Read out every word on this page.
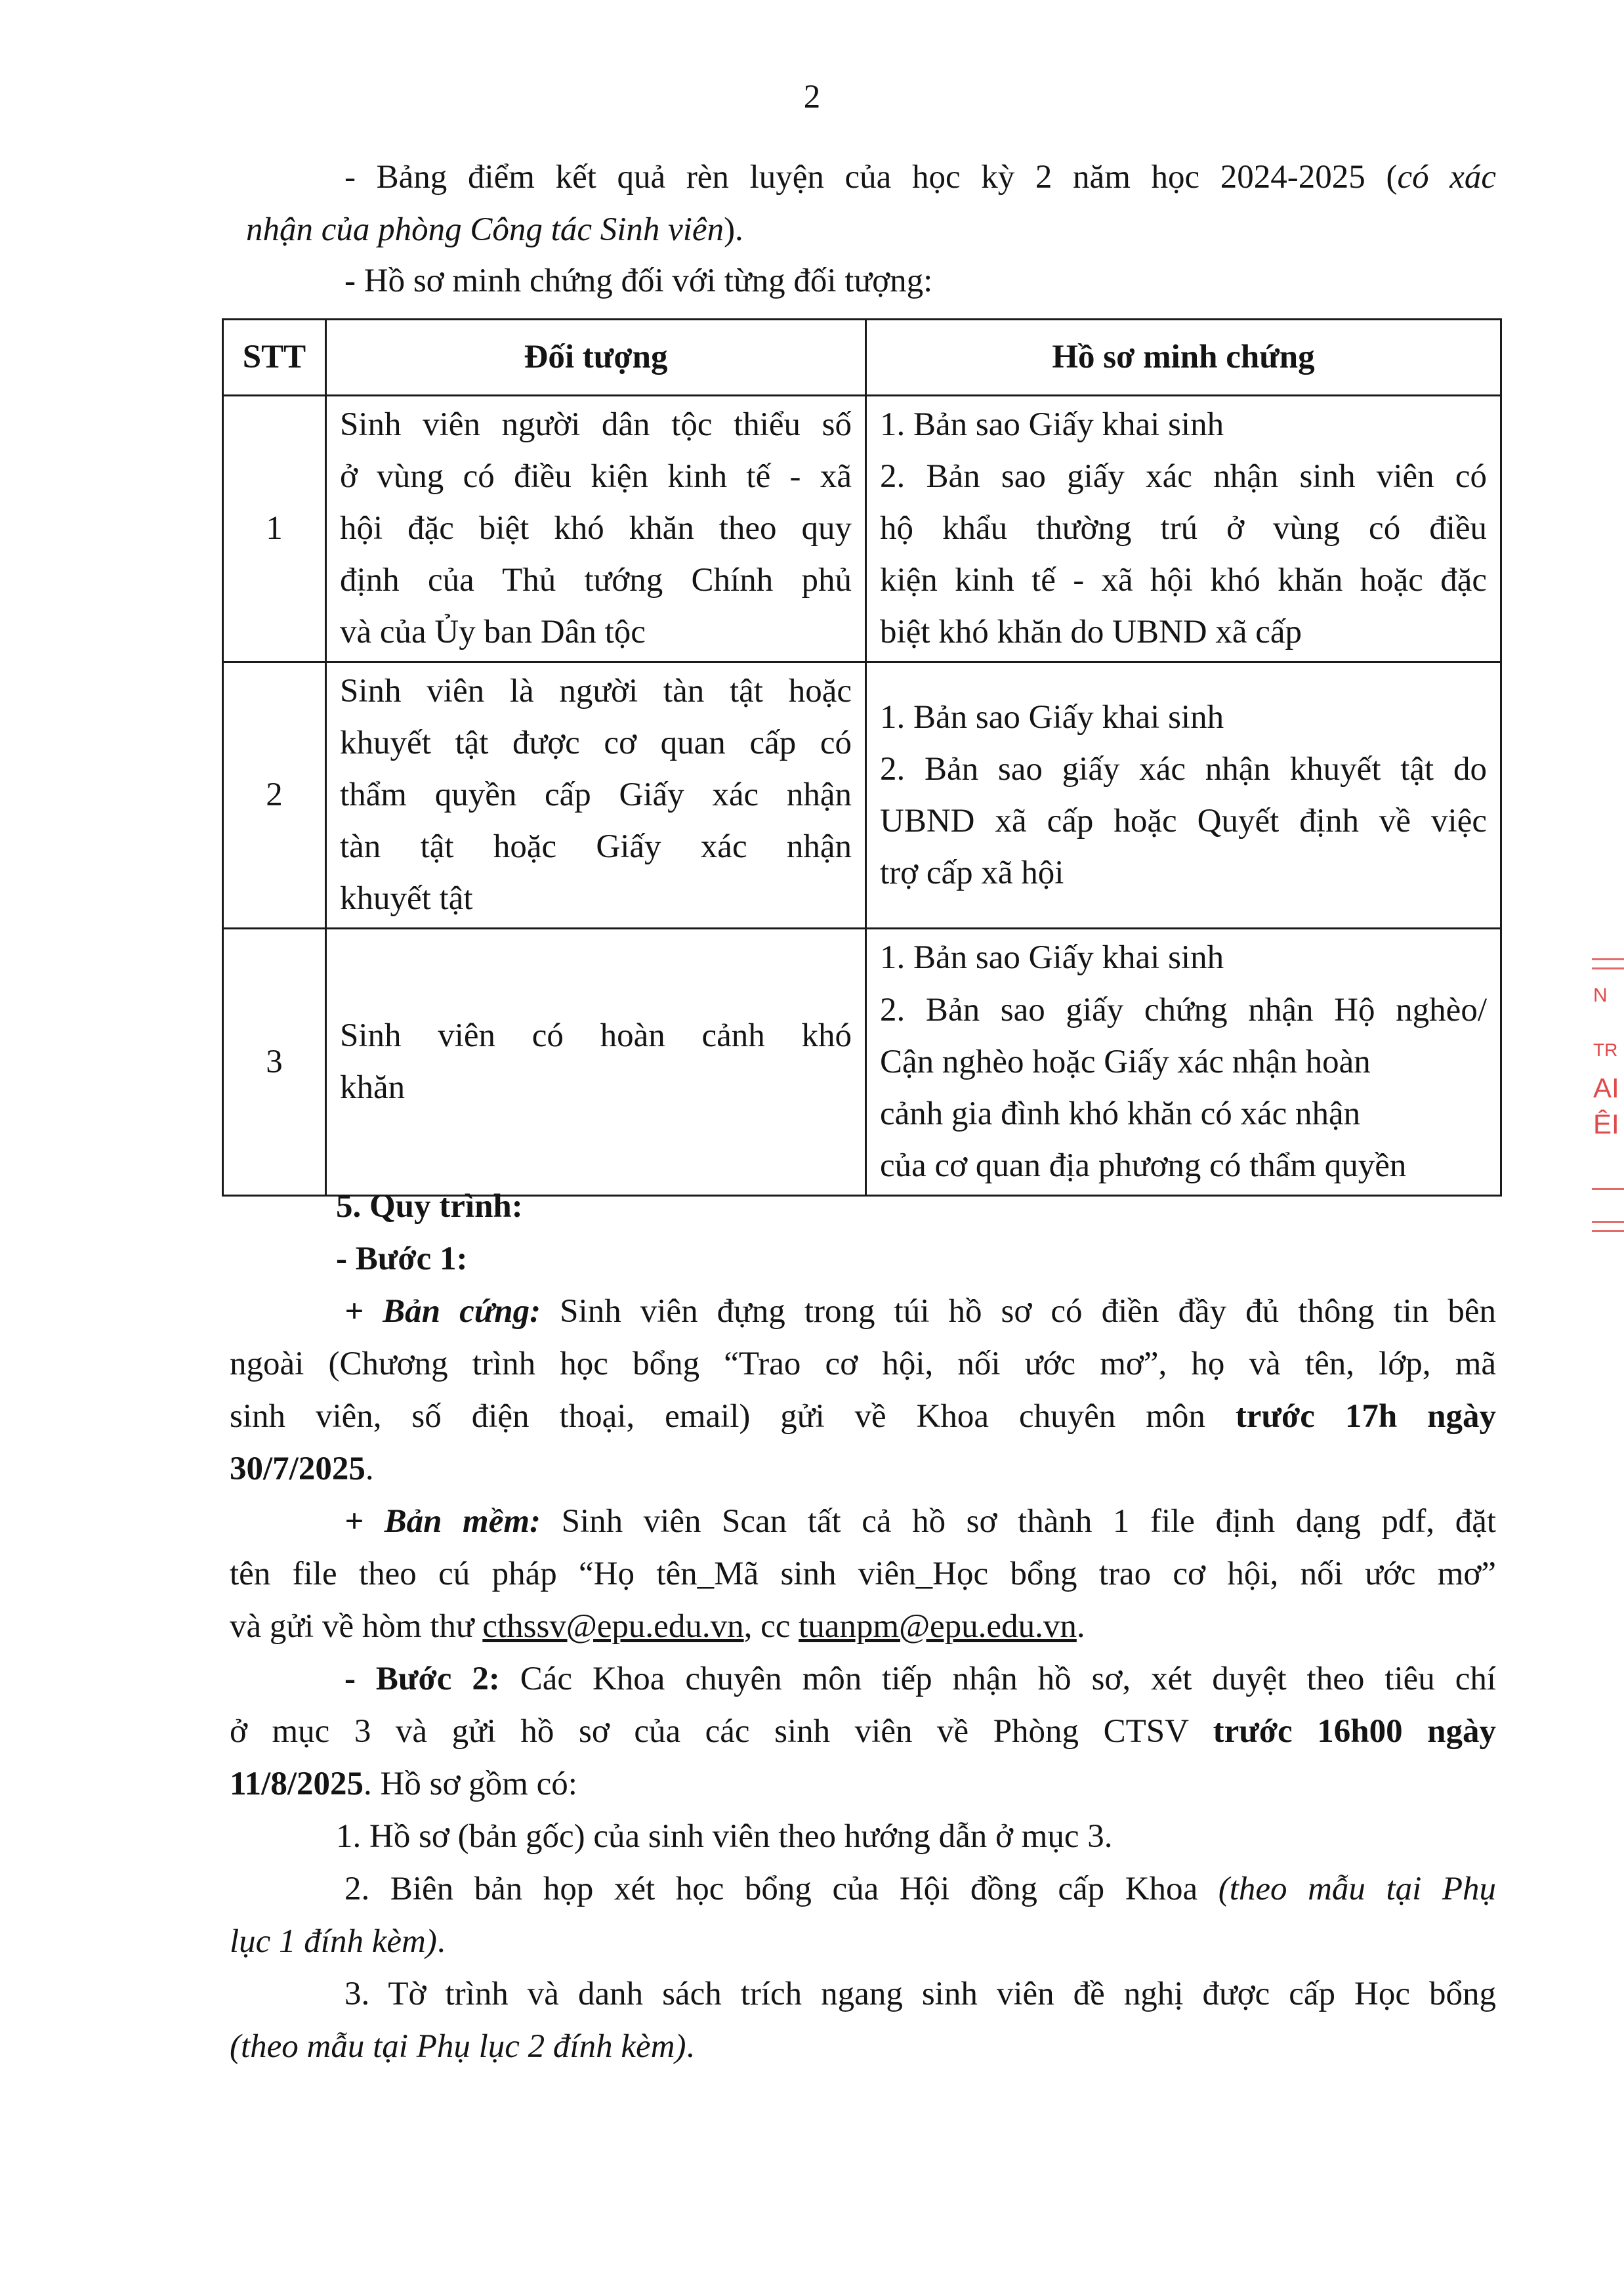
2
- Bảng điểm kết quả rèn luyện của học kỳ 2 năm học 2024-2025 (có xác
nhận của phòng Công tác Sinh viên).
- Hồ sơ minh chứng đối với từng đối tượng:
STT	Đối tượng	Hồ sơ minh chứng
1	Sinh viên người dân tộc thiểu số
ở vùng có điều kiện kinh tế - xã
hội đặc biệt khó khăn theo quy
định của Thủ tướng Chính phủ
và của Ủy ban Dân tộc	1. Bản sao Giấy khai sinh
2. Bản sao giấy xác nhận sinh viên có
hộ khẩu thường trú ở vùng có điều
kiện kinh tế - xã hội khó khăn hoặc đặc
biệt khó khăn do UBND xã cấp

2	Sinh viên là người tàn tật hoặc
khuyết tật được cơ quan cấp có
thẩm quyền cấp Giấy xác nhận
tàn tật hoặc Giấy xác nhận
khuyết tật	1. Bản sao Giấy khai sinh
2. Bản sao giấy xác nhận khuyết tật do
UBND xã cấp hoặc Quyết định về việc
trợ cấp xã hội

3	Sinh viên có hoàn cảnh khó
khăn	1. Bản sao Giấy khai sinh
2. Bản sao giấy chứng nhận Hộ nghèo/
Cận nghèo hoặc Giấy xác nhận hoàn
cảnh gia đình khó khăn có xác nhận
của cơ quan địa phương có thẩm quyền
5. Quy trình:
- Bước 1:
+ Bản cứng: Sinh viên đựng trong túi hồ sơ có điền đầy đủ thông tin bên
ngoài (Chương trình học bổng “Trao cơ hội, nối ước mơ”, họ và tên, lớp, mã
sinh viên, số điện thoại, email) gửi về Khoa chuyên môn trước 17h ngày
30/7/2025.
+ Bản mềm: Sinh viên Scan tất cả hồ sơ thành 1 file định dạng pdf, đặt
tên file theo cú pháp “Họ tên_Mã sinh viên_Học bổng trao cơ hội, nối ước mơ”
và gửi về hòm thư cthssv@epu.edu.vn, cc tuanpm@epu.edu.vn.
- Bước 2: Các Khoa chuyên môn tiếp nhận hồ sơ, xét duyệt theo tiêu chí
ở mục 3 và gửi hồ sơ của các sinh viên về Phòng CTSV trước 16h00 ngày
11/8/2025. Hồ sơ gồm có:
1. Hồ sơ (bản gốc) của sinh viên theo hướng dẫn ở mục 3.
2. Biên bản họp xét học bổng của Hội đồng cấp Khoa (theo mẫu tại Phụ
lục 1 đính kèm).
3. Tờ trình và danh sách trích ngang sinh viên đề nghị được cấp Học bổng
(theo mẫu tại Phụ lục 2 đính kèm).
N
TR
AI
ÊI
